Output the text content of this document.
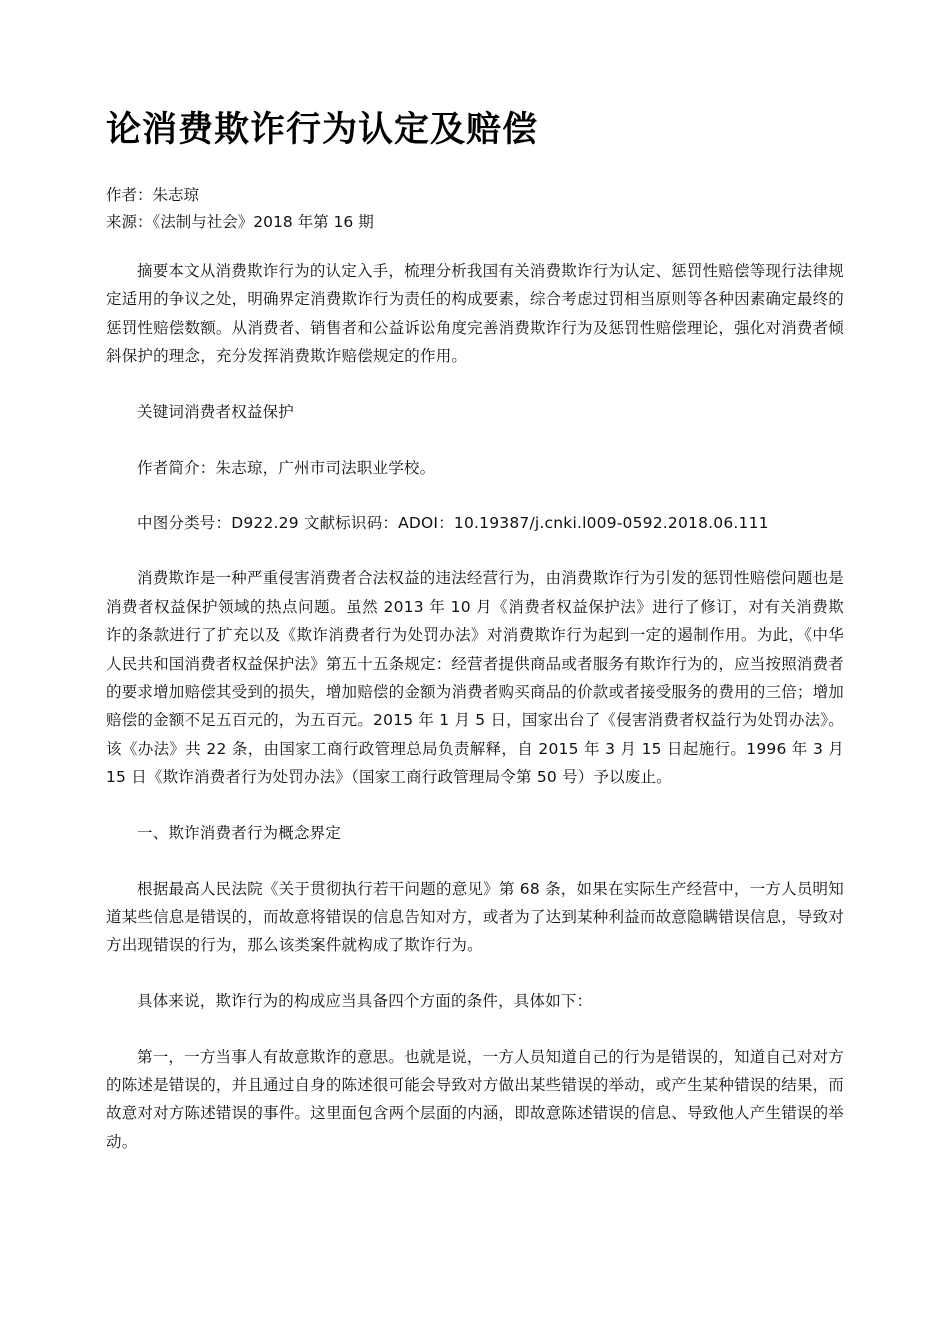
论消费欺诈行为认定及赔偿

作者：朱志琼

来源：《法制与社会》2018 年第 16 期

摘要本文从消费欺诈行为的认定入手，梳理分析我国有关消费欺诈行为认定、惩罚性赔偿等现行法律规定适用的争议之处，明确界定消费欺诈行为责任的构成要素，综合考虑过罚相当原则等各种因素确定最终的惩罚性赔偿数额。从消费者、销售者和公益诉讼角度完善消费欺诈行为及惩罚性赔偿理论，强化对消费者倾斜保护的理念，充分发挥消费欺诈赔偿规定的作用。

关键词消费者权益保护

作者简介：朱志琼，广州市司法职业学校。

中图分类号：D922.29 文献标识码：ADOI：10.19387/j.cnki.l009-0592.2018.06.111

消费欺诈是一种严重侵害消费者合法权益的违法经营行为，由消费欺诈行为引发的惩罚性赔偿问题也是消费者权益保护领域的热点问题。虽然 2013 年 10 月《消费者权益保护法》进行了修订，对有关消费欺诈的条款进行了扩充以及《欺诈消费者行为处罚办法》对消费欺诈行为起到一定的遏制作用。为此，《中华人民共和国消费者权益保护法》第五十五条规定：经营者提供商品或者服务有欺诈行为的，应当按照消费者的要求增加赔偿其受到的损失，增加赔偿的金额为消费者购买商品的价款或者接受服务的费用的三倍；增加赔偿的金额不足五百元的，为五百元。2015 年 1 月 5 日，国家出台了《侵害消费者权益行为处罚办法》。该《办法》共 22 条，由国家工商行政管理总局负责解释，自 2015 年 3 月 15 日起施行。1996 年 3 月 15 日《欺诈消费者行为处罚办法》（国家工商行政管理局令第 50 号）予以废止。

一、欺诈消费者行为概念界定

根据最高人民法院《关于贯彻执行若干问题的意见》第 68 条，如果在实际生产经营中，一方人员明知道某些信息是错误的，而故意将错误的信息告知对方，或者为了达到某种利益而故意隐瞒错误信息，导致对方出现错误的行为，那么该类案件就构成了欺诈行为。

具体来说，欺诈行为的构成应当具备四个方面的条件，具体如下：

第一，一方当事人有故意欺诈的意思。也就是说，一方人员知道自己的行为是错误的，知道自己对对方的陈述是错误的，并且通过自身的陈述很可能会导致对方做出某些错误的举动，或产生某种错误的结果，而故意对对方陈述错误的事件。这里面包含两个层面的内涵，即故意陈述错误的信息、导致他人产生错误的举动。
